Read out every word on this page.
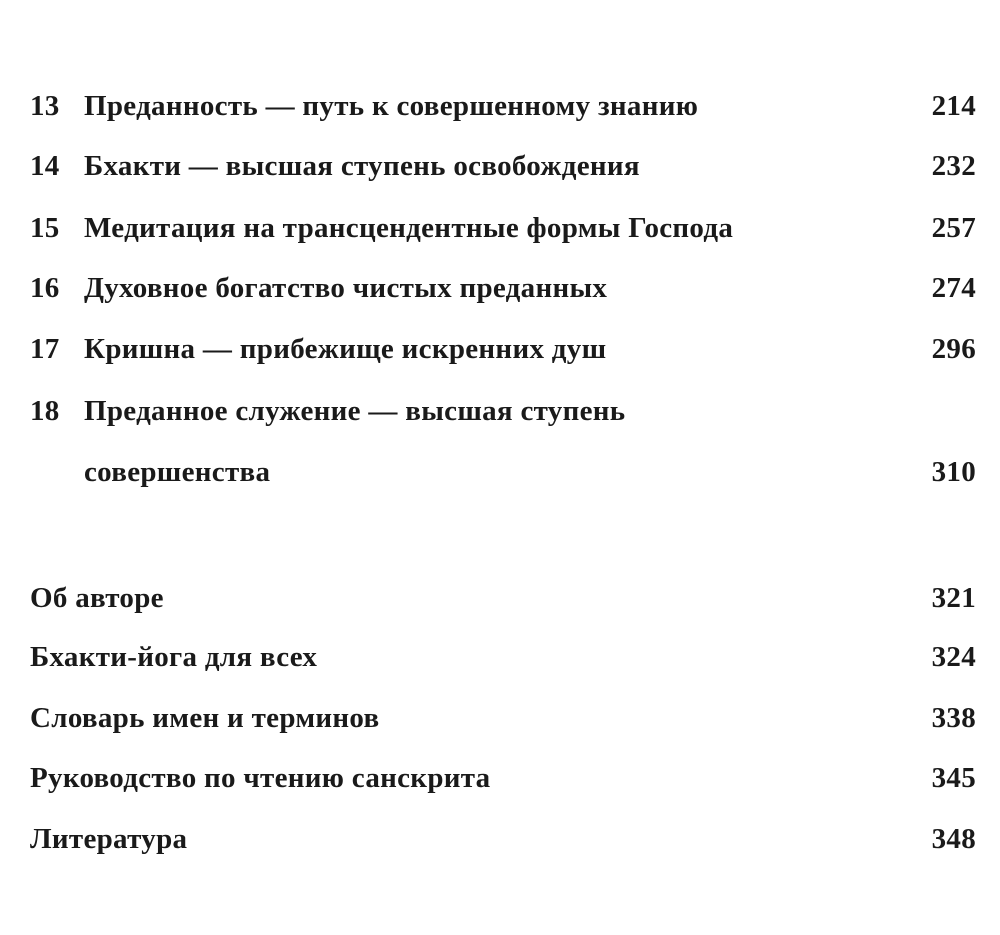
13 Преданность — путь к совершенному знанию	214
14 Бхакти — высшая ступень освобождения	232
15 Медитация на трансцендентные формы Господа	257
16 Духовное богатство чистых преданных	274
17 Кришна — прибежище искренних душ	296
18 Преданное служение — высшая ступень
совершенства	310
Об авторе	321
Бхакти-йога для всех	324
Словарь имен и терминов	338
Руководство по чтению санскрита	345
Литература	348
